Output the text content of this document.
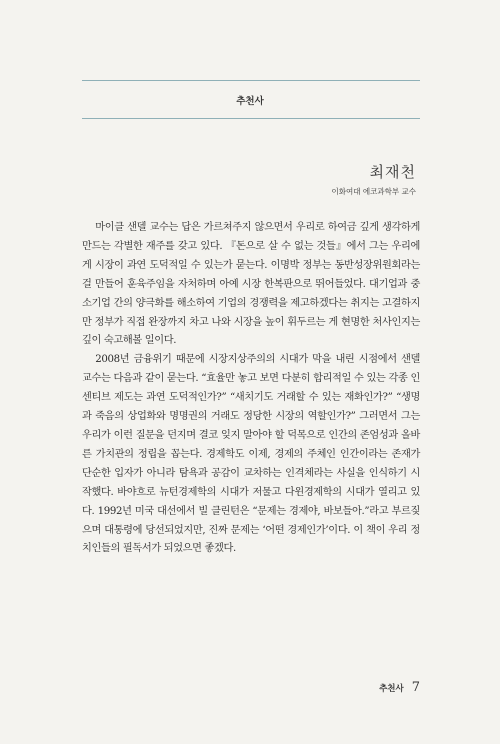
추천사
최재천
이화여대 에코과학부 교수

마이클 샌델 교수는 답은 가르쳐주지 않으면서 우리로 하여금 깊게 생각하게 만드는 각별한 재주를 갖고 있다. 『돈으로 살 수 없는 것들』에서 그는 우리에게 시장이 과연 도덕적일 수 있는가 묻는다. 이명박 정부는 동반성장위원회라는 걸 만들어 훈육주임을 자처하며 아예 시장 한복판으로 뛰어들었다. 대기업과 중소기업 간의 양극화를 해소하여 기업의 경쟁력을 제고하겠다는 취지는 고결하지만 정부가 직접 완장까지 차고 나와 시장을 높이 휘두르는 게 현명한 처사인지는 깊이 숙고해볼 일이다.

2008년 금융위기 때문에 시장지상주의의 시대가 막을 내린 시점에서 샌델 교수는 다음과 같이 묻는다. “효율만 놓고 보면 다분히 합리적일 수 있는 각종 인센티브 제도는 과연 도덕적인가?” “새치기도 거래할 수 있는 재화인가?” “생명과 죽음의 상업화와 명명권의 거래도 정당한 시장의 역할인가?” 그러면서 그는 우리가 이런 질문을 던지며 결코 잊지 말아야 할 덕목으로 인간의 존엄성과 올바른 가치관의 정립을 꼽는다. 경제학도 이제, 경제의 주체인 인간이라는 존재가 단순한 입자가 아니라 탐욕과 공감이 교차하는 인격체라는 사실을 인식하기 시작했다. 바야흐로 뉴턴경제학의 시대가 저물고 다윈경제학의 시대가 열리고 있다. 1992년 미국 대선에서 빌 클린턴은 “문제는 경제야, 바보들아.”라고 부르짖으며 대통령에 당선되었지만, 진짜 문제는 ‘어떤 경제인가’이다. 이 책이 우리 정치인들의 필독서가 되었으면 좋겠다.

추천사 7
